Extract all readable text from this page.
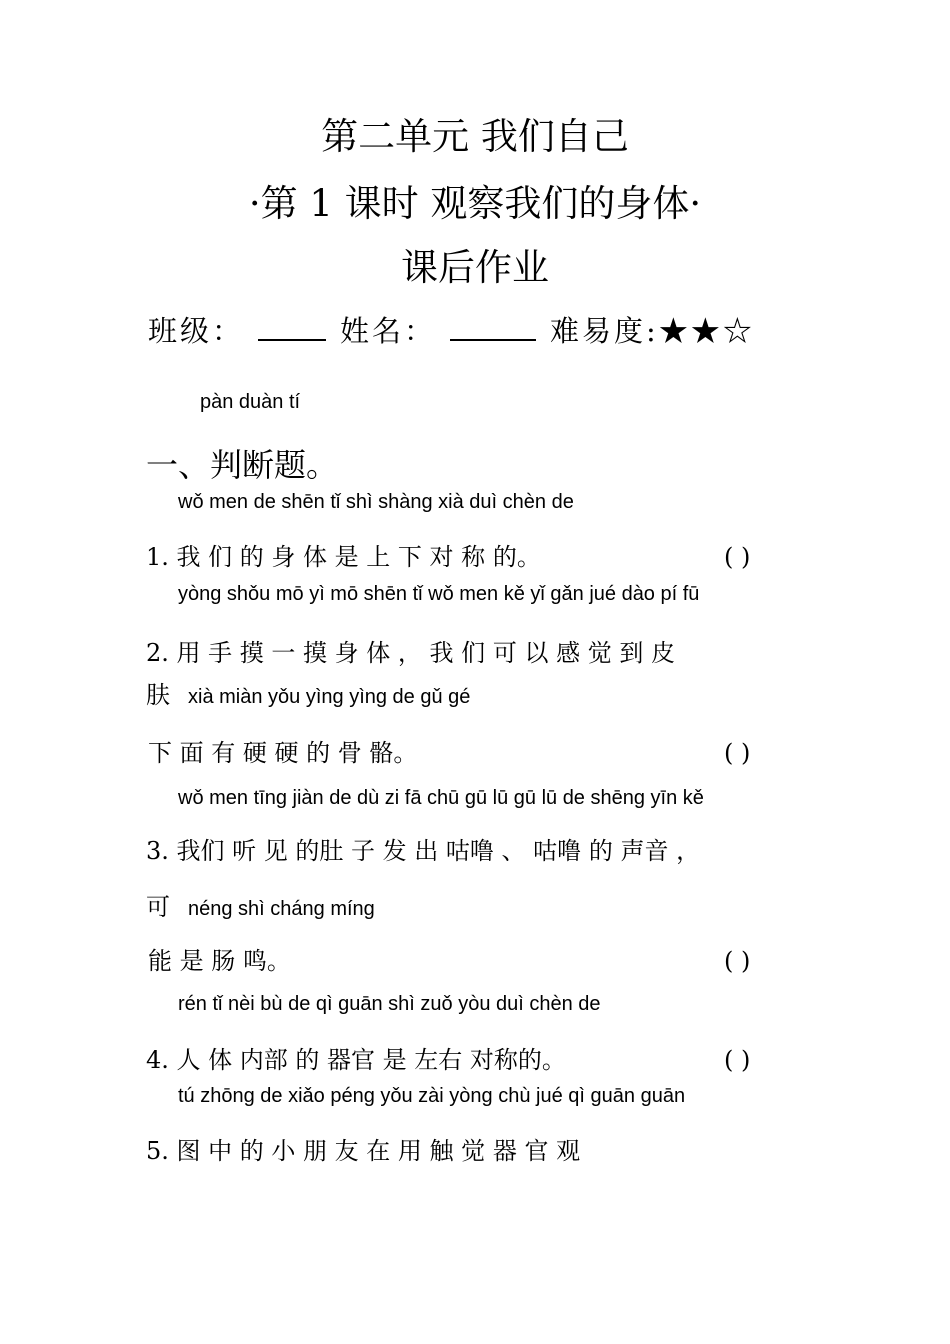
第二单元 我们自己
·第 1 课时 观察我们的身体·
课后作业
班级：	姓名：	难易度:★★☆
pàn duàn tí
一、判断题。
wǒ men de shēn tǐ shì shàng xià duì chèn de
1. 我 们 的 身 体 是 上 下 对 称 的。	( )
yòng shǒu mō yì mō shēn tǐ wǒ men kě yǐ gǎn jué dào pí fū
2. 用 手 摸 一 摸 身 体 ， 我 们 可 以 感 觉 到 皮
肤 xià miàn yǒu yìng yìng de gǔ gé
下 面 有 硬 硬 的 骨 骼。	( )
wǒ men tīng jiàn de dù zi fā chū gū lū gū lū de shēng yīn kě
3. 我们 听 见 的肚 子 发 出 咕噜 、 咕噜 的 声音 ，
可 néng shì cháng míng
能 是 肠 鸣。	( )
rén tǐ nèi bù de qì guān shì zuǒ yòu duì chèn de
4. 人 体 内部 的 器官 是 左右 对称的。	( )
tú zhōng de xiǎo péng yǒu zài yòng chù jué qì guān guān
5. 图 中 的 小 朋 友 在 用 触 觉 器 官 观
